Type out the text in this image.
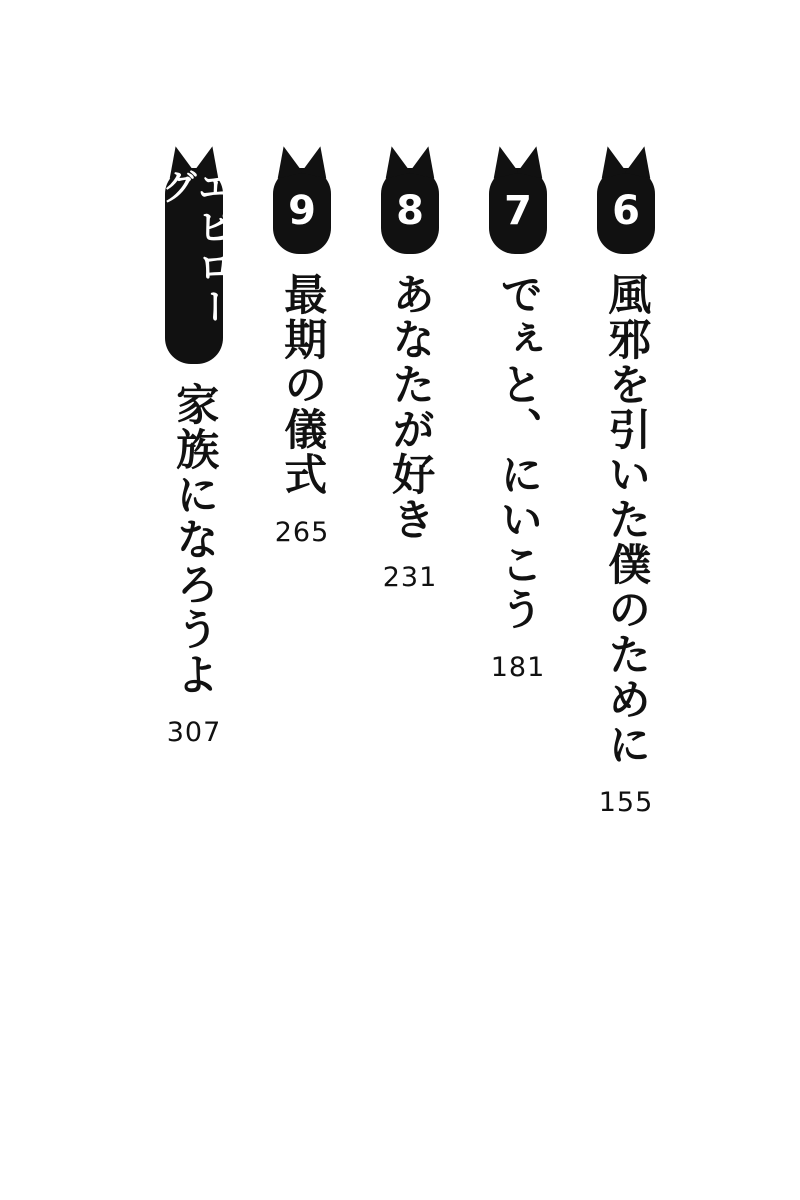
6
風邪を引いた僕のために
155
7
でぇと、にいこう
181
8
あなたが好き
231
9
最期の儀式
265
エピローグ
家族になろうよ
307
